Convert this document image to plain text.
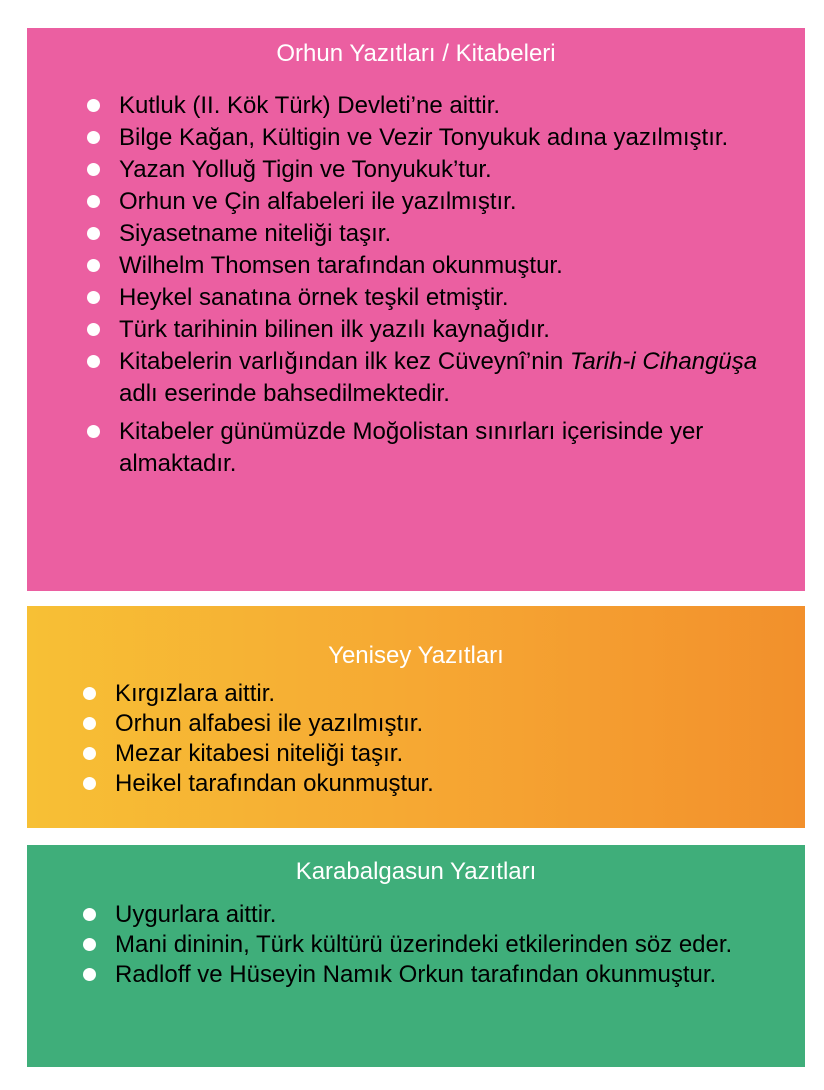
Orhun Yazıtları / Kitabeleri
Kutluk (II. Kök Türk) Devleti’ne aittir.
Bilge Kağan, Kültigin ve Vezir Tonyukuk adına yazılmıştır.
Yazan Yolluğ Tigin ve Tonyukuk’tur.
Orhun ve Çin alfabeleri ile yazılmıştır.
Siyasetname niteliği taşır.
Wilhelm Thomsen tarafından okunmuştur.
Heykel sanatına örnek teşkil etmiştir.
Türk tarihinin bilinen ilk yazılı kaynağıdır.
Kitabelerin varlığından ilk kez Cüveynî’nin Tarih-i Cihangüşa adlı eserinde bahsedilmektedir.
Kitabeler günümüzde Moğolistan sınırları içerisinde yer almaktadır.
Yenisey Yazıtları
Kırgızlara aittir.
Orhun alfabesi ile yazılmıştır.
Mezar kitabesi niteliği taşır.
Heikel tarafından okunmuştur.
Karabalgasun Yazıtları
Uygurlara aittir.
Mani dininin, Türk kültürü üzerindeki etkilerinden söz eder.
Radloff ve Hüseyin Namık Orkun tarafından okunmuştur.
